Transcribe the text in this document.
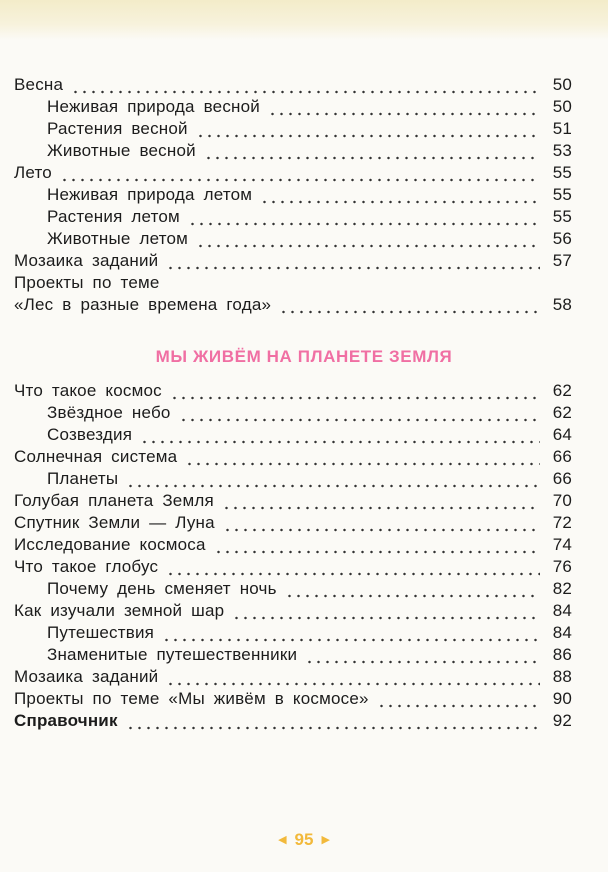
Весна	50
Неживая природа весной	50
Растения весной	51
Животные весной	53
Лето	55
Неживая природа летом	55
Растения летом	55
Животные летом	56
Мозаика заданий	57
Проекты по теме
«Лес в разные времена года»	58
МЫ ЖИВЁМ НА ПЛАНЕТЕ ЗЕМЛЯ
Что такое космос	62
Звёздное небо	62
Созвездия	64
Солнечная система	66
Планеты	66
Голубая планета Земля	70
Спутник Земли — Луна	72
Исследование космоса	74
Что такое глобус	76
Почему день сменяет ночь	82
Как изучали земной шар	84
Путешествия	84
Знаменитые путешественники	86
Мозаика заданий	88
Проекты по теме «Мы живём в космосе»	90
Справочник	92
◀ 95 ▶
